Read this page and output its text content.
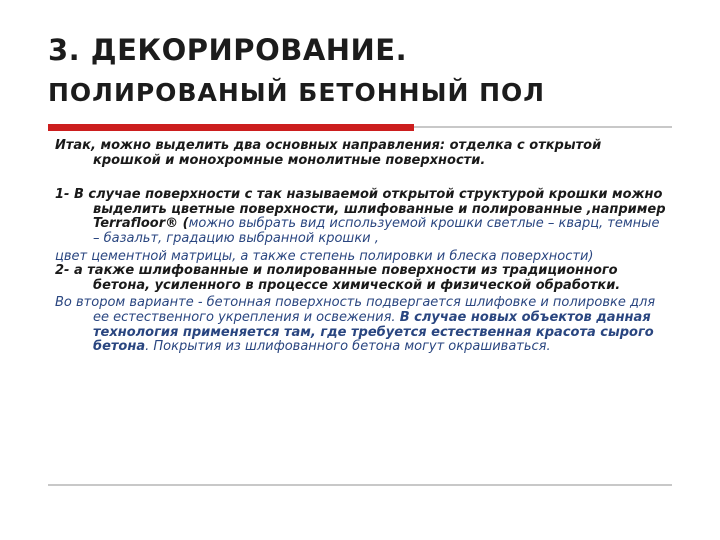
3. ДЕКОРИРОВАНИЕ.
ПОЛИРОВАНЫЙ БЕТОННЫЙ ПОЛ

Итак, можно выделить два основных направления: отделка с открытой крошкой и монохромные монолитные поверхности.

1- В случае поверхности с так называемой открытой структурой крошки можно выделить цветные поверхности, шлифованные и полированные ,например Terrafloor® (можно выбрать вид используемой крошки светлые – кварц, темные – базальт, градацию выбранной крошки ,

цвет цементной матрицы, а также степень полировки и блеска поверхности)

2- а также шлифованные и полированные поверхности из традиционного бетона, усиленного в процессе химической и физической обработки.

Во втором варианте - бетонная поверхность подвергается шлифовке и полировке для ее естественного укрепления и освежения. В случае новых объектов данная технология применяется там, где требуется естественная красота сырого бетона. Покрытия из шлифованного бетона могут окрашиваться.
